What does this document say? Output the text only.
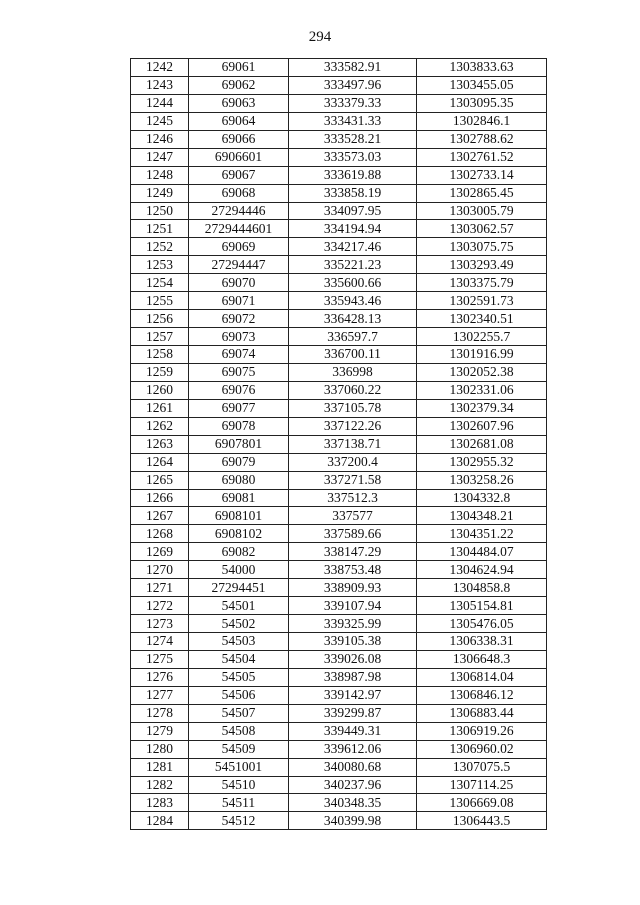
294
1242	69061	333582.91	1303833.63
1243	69062	333497.96	1303455.05
1244	69063	333379.33	1303095.35
1245	69064	333431.33	1302846.1
1246	69066	333528.21	1302788.62
1247	6906601	333573.03	1302761.52
1248	69067	333619.88	1302733.14
1249	69068	333858.19	1302865.45
1250	27294446	334097.95	1303005.79
1251	2729444601	334194.94	1303062.57
1252	69069	334217.46	1303075.75
1253	27294447	335221.23	1303293.49
1254	69070	335600.66	1303375.79
1255	69071	335943.46	1302591.73
1256	69072	336428.13	1302340.51
1257	69073	336597.7	1302255.7
1258	69074	336700.11	1301916.99
1259	69075	336998	1302052.38
1260	69076	337060.22	1302331.06
1261	69077	337105.78	1302379.34
1262	69078	337122.26	1302607.96
1263	6907801	337138.71	1302681.08
1264	69079	337200.4	1302955.32
1265	69080	337271.58	1303258.26
1266	69081	337512.3	1304332.8
1267	6908101	337577	1304348.21
1268	6908102	337589.66	1304351.22
1269	69082	338147.29	1304484.07
1270	54000	338753.48	1304624.94
1271	27294451	338909.93	1304858.8
1272	54501	339107.94	1305154.81
1273	54502	339325.99	1305476.05
1274	54503	339105.38	1306338.31
1275	54504	339026.08	1306648.3
1276	54505	338987.98	1306814.04
1277	54506	339142.97	1306846.12
1278	54507	339299.87	1306883.44
1279	54508	339449.31	1306919.26
1280	54509	339612.06	1306960.02
1281	5451001	340080.68	1307075.5
1282	54510	340237.96	1307114.25
1283	54511	340348.35	1306669.08
1284	54512	340399.98	1306443.5
